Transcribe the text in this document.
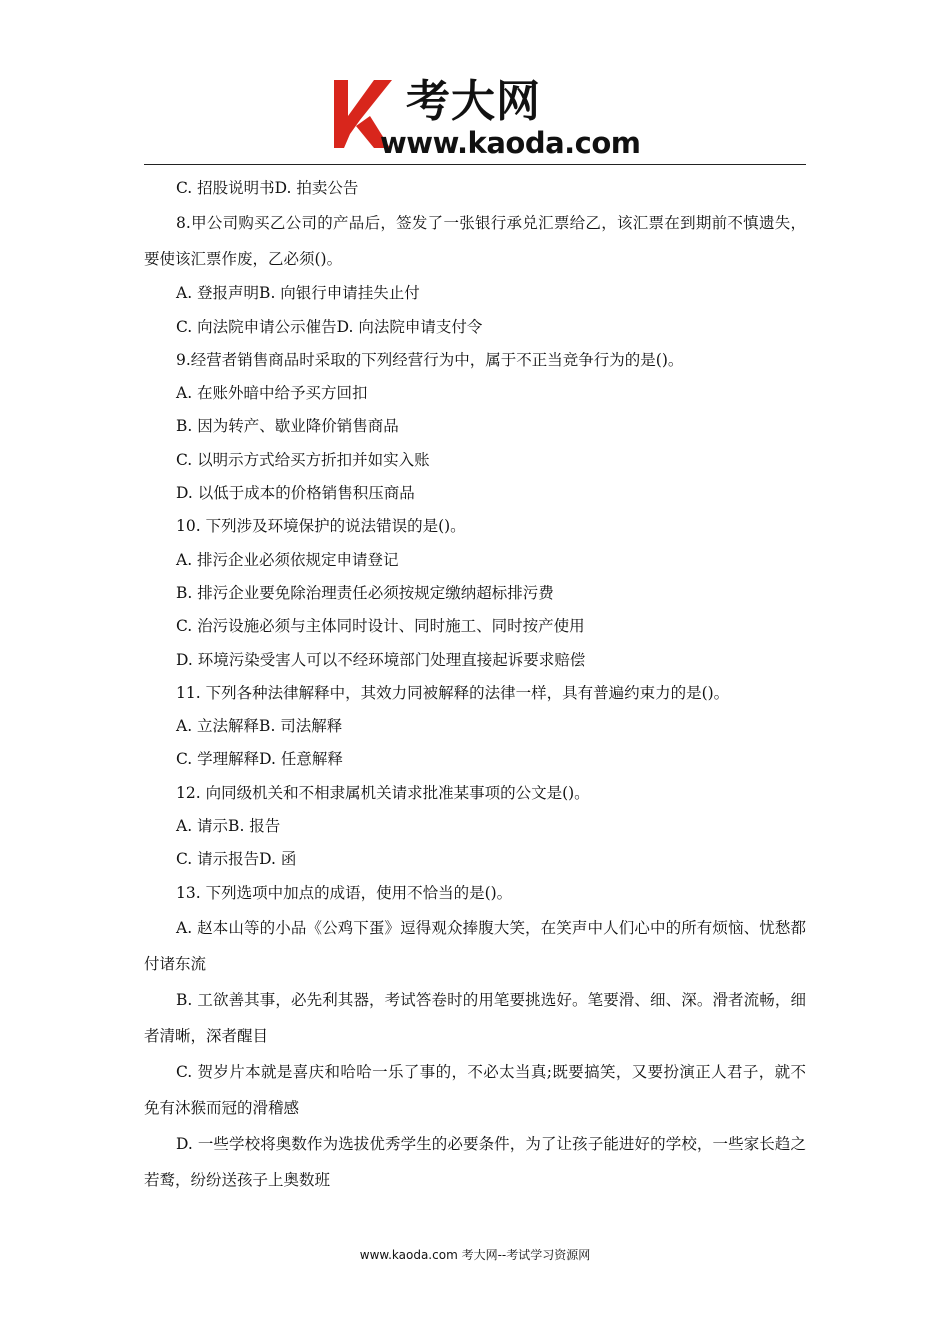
考大网
www.kaoda.com

C. 招股说明书D. 拍卖公告

8.甲公司购买乙公司的产品后，签发了一张银行承兑汇票给乙，该汇票在到期前不慎遗失，要使该汇票作废，乙必须()。

A. 登报声明B. 向银行申请挂失止付

C. 向法院申请公示催告D. 向法院申请支付令

9.经营者销售商品时采取的下列经营行为中，属于不正当竞争行为的是()。

A. 在账外暗中给予买方回扣

B. 因为转产、歇业降价销售商品

C. 以明示方式给买方折扣并如实入账

D. 以低于成本的价格销售积压商品

10. 下列涉及环境保护的说法错误的是()。

A. 排污企业必须依规定申请登记

B. 排污企业要免除治理责任必须按规定缴纳超标排污费

C. 治污设施必须与主体同时设计、同时施工、同时按产使用

D. 环境污染受害人可以不经环境部门处理直接起诉要求赔偿

11. 下列各种法律解释中，其效力同被解释的法律一样，具有普遍约束力的是()。

A. 立法解释B. 司法解释

C. 学理解释D. 任意解释

12. 向同级机关和不相隶属机关请求批准某事项的公文是()。

A. 请示B. 报告

C. 请示报告D. 函

13. 下列选项中加点的成语，使用不恰当的是()。

A. 赵本山等的小品《公鸡下蛋》逗得观众捧腹大笑，在笑声中人们心中的所有烦恼、忧愁都付诸东流

B. 工欲善其事，必先利其器，考试答卷时的用笔要挑选好。笔要滑、细、深。滑者流畅，细者清晰，深者醒目

C. 贺岁片本就是喜庆和哈哈一乐了事的，不必太当真;既要搞笑，又要扮演正人君子，就不免有沐猴而冠的滑稽感

D. 一些学校将奥数作为选拔优秀学生的必要条件，为了让孩子能进好的学校，一些家长趋之若鹜，纷纷送孩子上奥数班

www.kaoda.com 考大网--考试学习资源网
